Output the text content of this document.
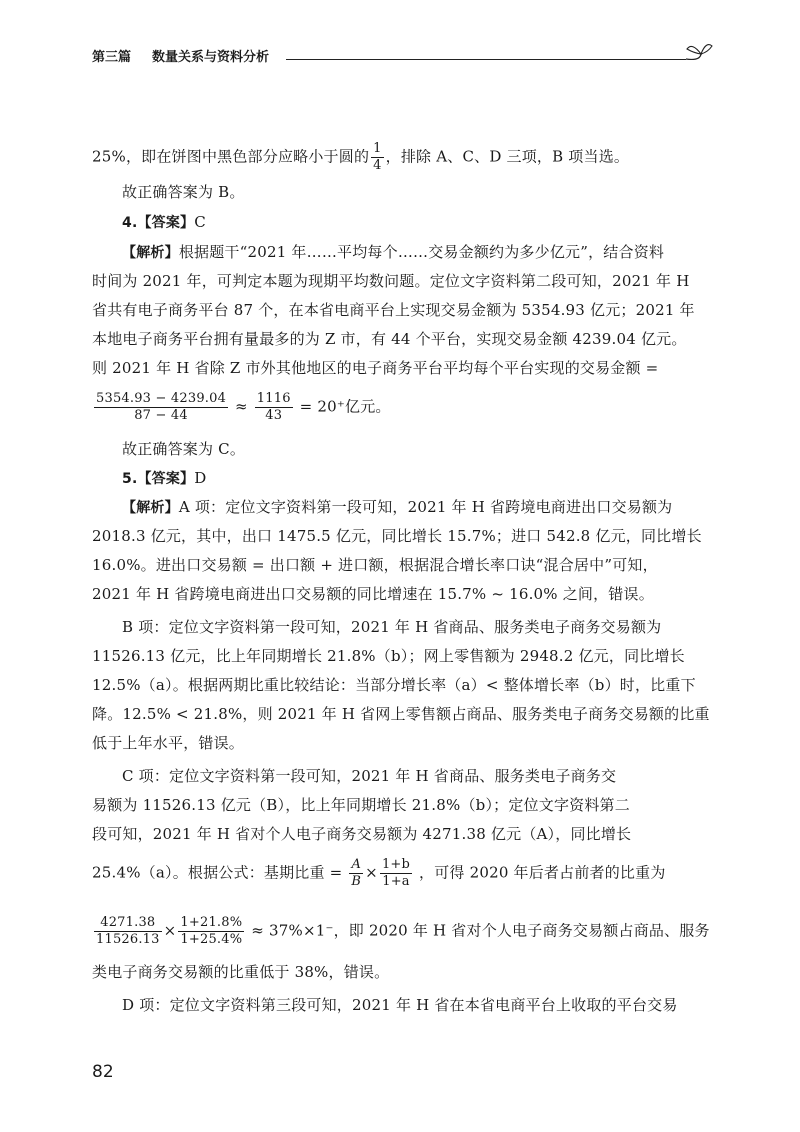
第三篇 数量关系与资料分析
25%，即在饼图中黑色部分应略小于圆的 $\frac{1}{4}$ ，排除 A、C、D 三项，B 项当选。
故正确答案为 B。
4.【答案】C
【解析】根据题干“2021 年……平均每个……交易金额约为多少亿元”，结合资料
时间为 2021 年，可判定本题为现期平均数问题。定位文字资料第二段可知，2021 年 H
省共有电子商务平台 87 个，在本省电商平台上实现交易金额为 5354.93 亿元；2021 年
本地电子商务平台拥有量最多的为 Z 市，有 44 个平台，实现交易金额 4239.04 亿元。
则 2021 年 H 省除 Z 市外其他地区的电子商务平台平均每个平台实现的交易金额 =
$\frac{5354.93 - 4239.04}{87 - 44} \approx \frac{1116}{43} = 20^+$亿元。
故正确答案为 C。
5.【答案】D
【解析】A 项：定位文字资料第一段可知，2021 年 H 省跨境电商进出口交易额为
2018.3 亿元，其中，出口 1475.5 亿元，同比增长 15.7%；进口 542.8 亿元，同比增长
16.0%。进出口交易额 = 出口额 + 进口额，根据混合增长率口诀“混合居中”可知，
2021 年 H 省跨境电商进出口交易额的同比增速在 15.7% ~ 16.0% 之间，错误。
B 项：定位文字资料第一段可知，2021 年 H 省商品、服务类电子商务交易额为
11526.13 亿元，比上年同期增长 21.8%（b）；网上零售额为 2948.2 亿元，同比增长
12.5%（a）。根据两期比重比较结论：当部分增长率（a）< 整体增长率（b）时，比重下
降。12.5% < 21.8%，则 2021 年 H 省网上零售额占商品、服务类电子商务交易额的比重
低于上年水平，错误。
C 项：定位文字资料第一段可知，2021 年 H 省商品、服务类电子商务交
易额为 11526.13 亿元（B），比上年同期增长 21.8%（b）；定位文字资料第二
段可知，2021 年 H 省对个人电子商务交易额为 4271.38 亿元（A），同比增长
25.4%（a）。根据公式：基期比重 = $\frac{A}{B} \times \frac{1+b}{1+a}$ ，可得 2020 年后者占前者的比重为
$\frac{4271.38}{11526.13} \times \frac{1+21.8\%}{1+25.4\%} \approx 37\%\times 1^-$，即 2020 年 H 省对个人电子商务交易额占商品、服务
类电子商务交易额的比重低于 38%，错误。
D 项：定位文字资料第三段可知，2021 年 H 省在本省电商平台上收取的平台交易
82
